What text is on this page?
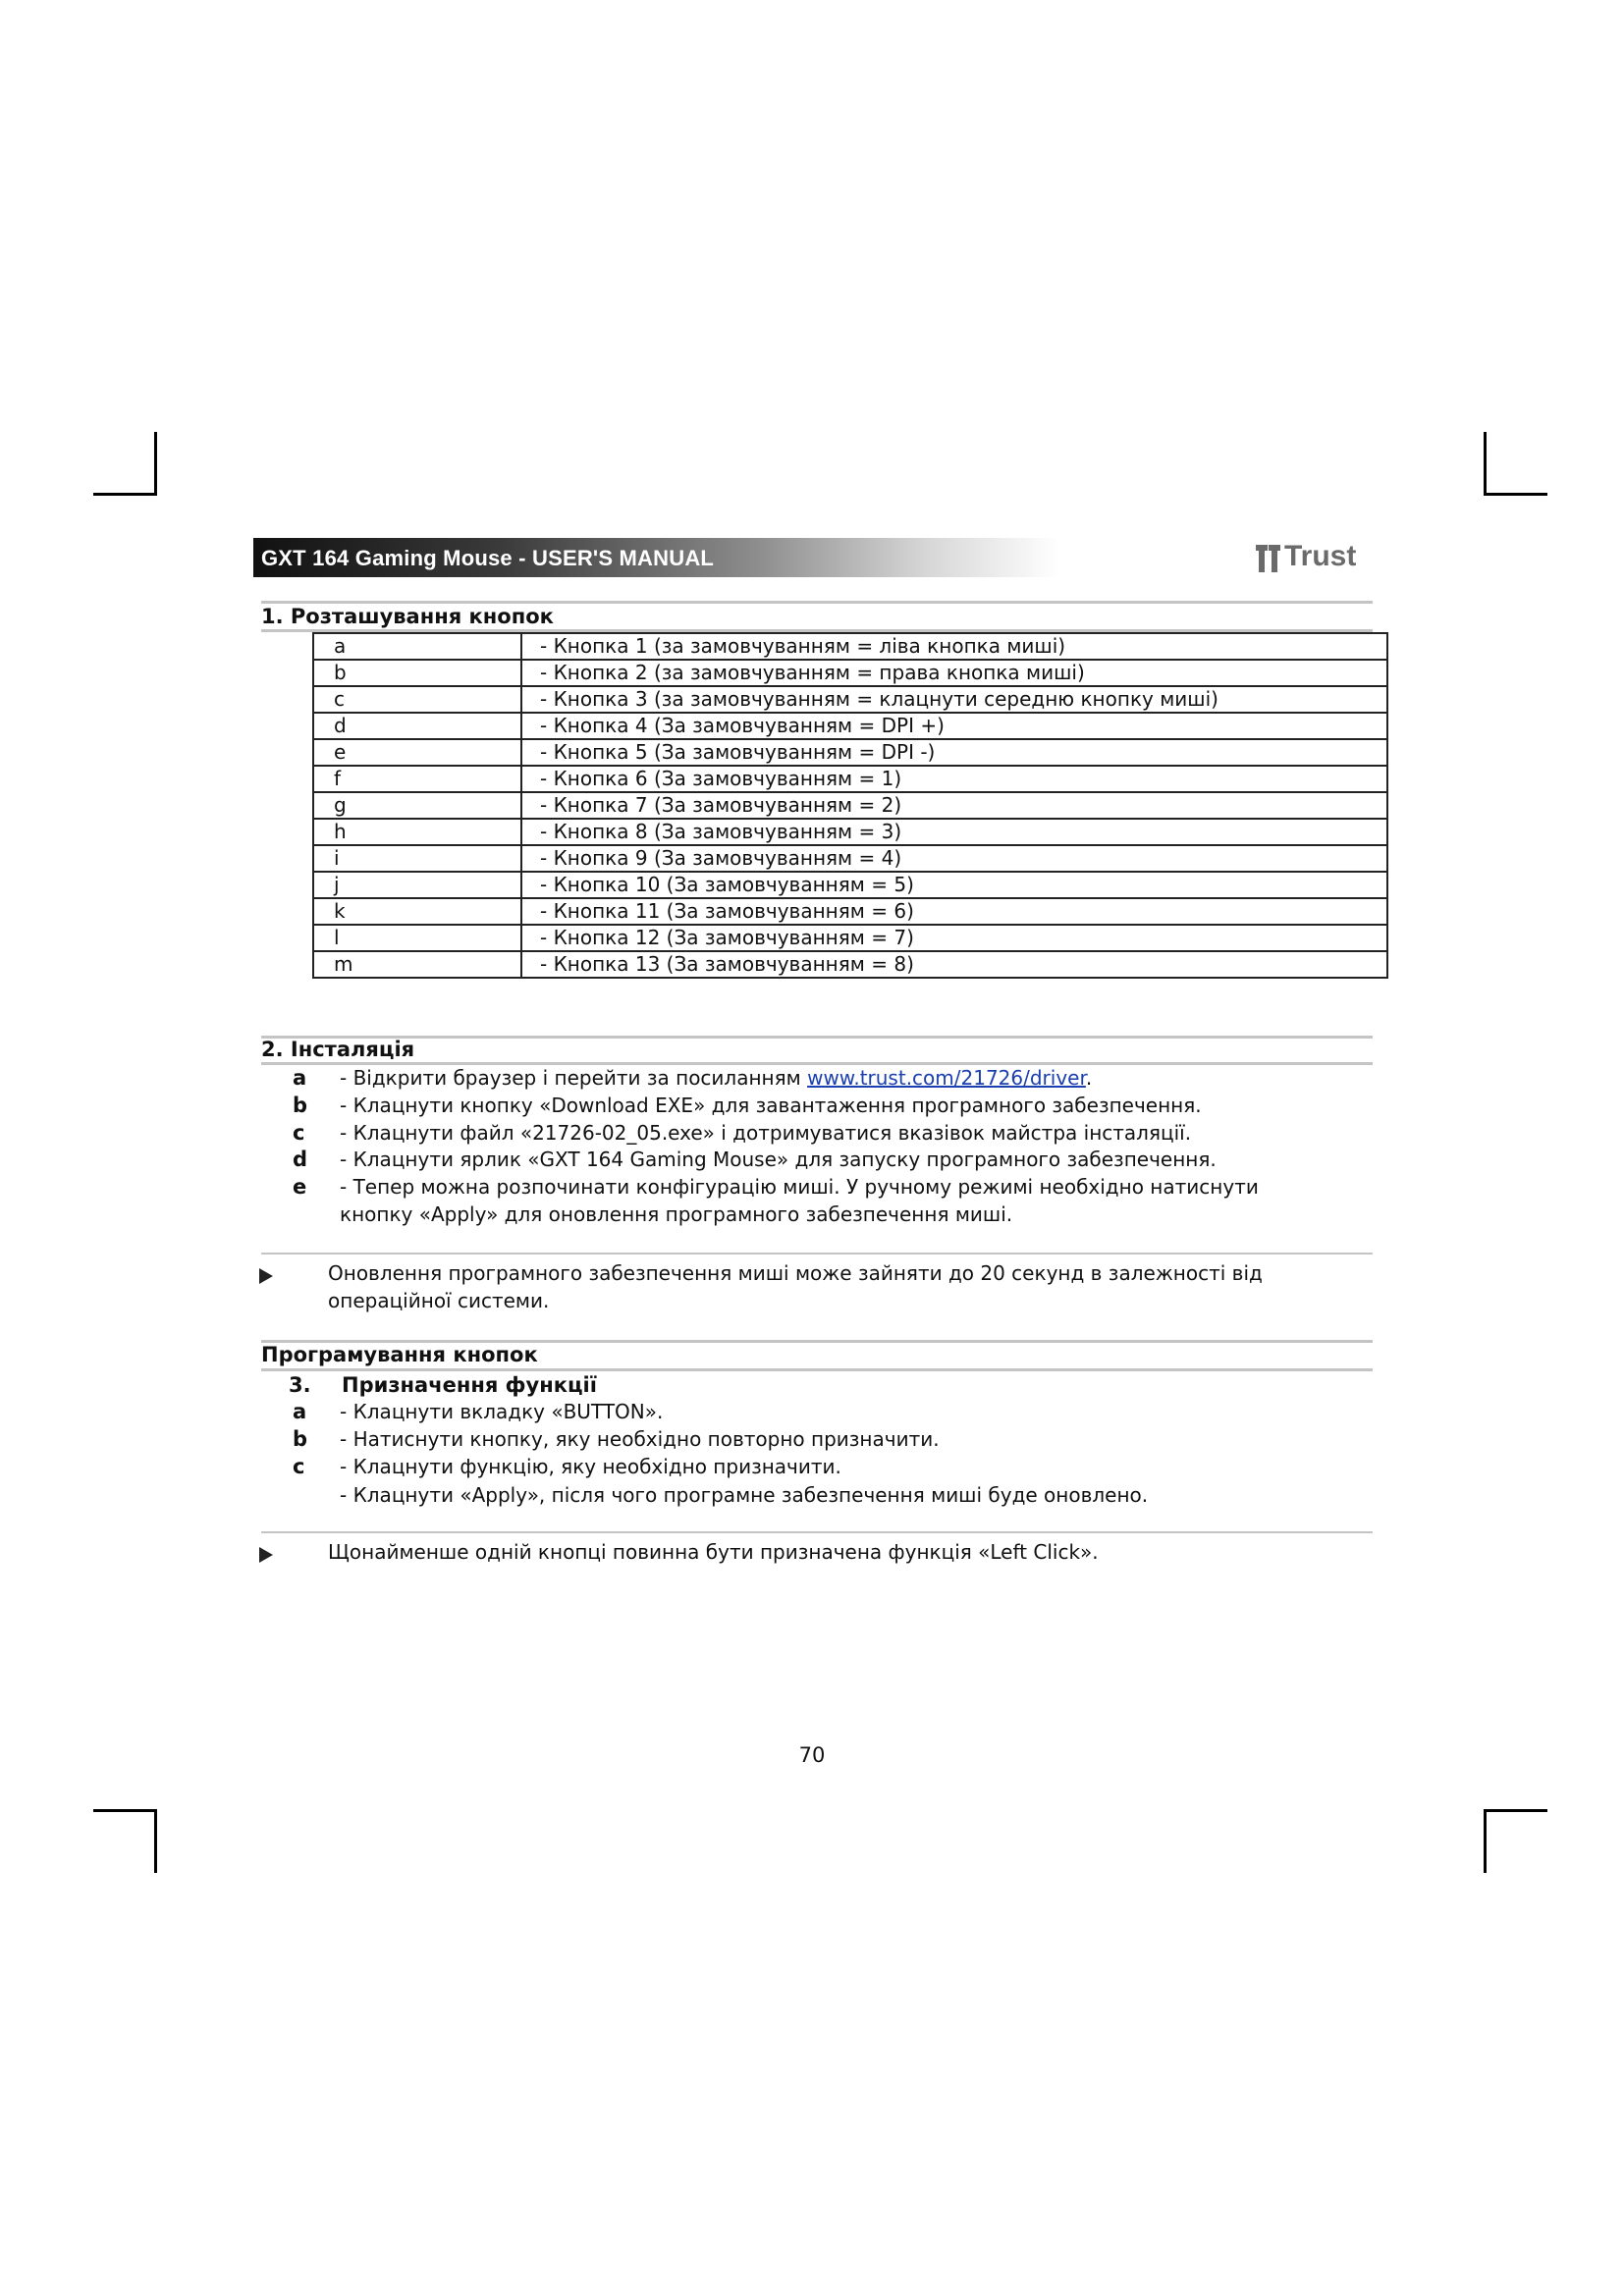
GXT 164 Gaming Mouse - USER'S MANUAL	Trust
1. Розташування кнопок
a	- Кнопка 1 (за замовчуванням = ліва кнопка миші)
b	- Кнопка 2 (за замовчуванням = права кнопка миші)
c	- Кнопка 3 (за замовчуванням = клацнути середню кнопку миші)
d	- Кнопка 4 (За замовчуванням = DPI +)
e	- Кнопка 5 (За замовчуванням = DPI -)
f	- Кнопка 6 (За замовчуванням = 1)
g	- Кнопка 7 (За замовчуванням = 2)
h	- Кнопка 8 (За замовчуванням = 3)
i	- Кнопка 9 (За замовчуванням = 4)
j	- Кнопка 10 (За замовчуванням = 5)
k	- Кнопка 11 (За замовчуванням = 6)
l	- Кнопка 12 (За замовчуванням = 7)
m	- Кнопка 13 (За замовчуванням = 8)
2. Інсталяція
a - Відкрити браузер і перейти за посиланням www.trust.com/21726/driver.
b - Клацнути кнопку «Download EXE» для завантаження програмного забезпечення.
c - Клацнути файл «21726-02_05.exe» і дотримуватися вказівок майстра інсталяції.
d - Клацнути ярлик «GXT 164 Gaming Mouse» для запуску програмного забезпечення.
e - Тепер можна розпочинати конфігурацію миші. У ручному режимі необхідно натиснути кнопку «Apply» для оновлення програмного забезпечення миші.
Оновлення програмного забезпечення миші може зайняти до 20 секунд в залежності від операційної системи.
Програмування кнопок
3. Призначення функції
a - Клацнути вкладку «BUTTON».
b - Натиснути кнопку, яку необхідно повторно призначити.
c - Клацнути функцію, яку необхідно призначити.
- Клацнути «Apply», після чого програмне забезпечення миші буде оновлено.
Щонайменше одній кнопці повинна бути призначена функція «Left Click».
70
